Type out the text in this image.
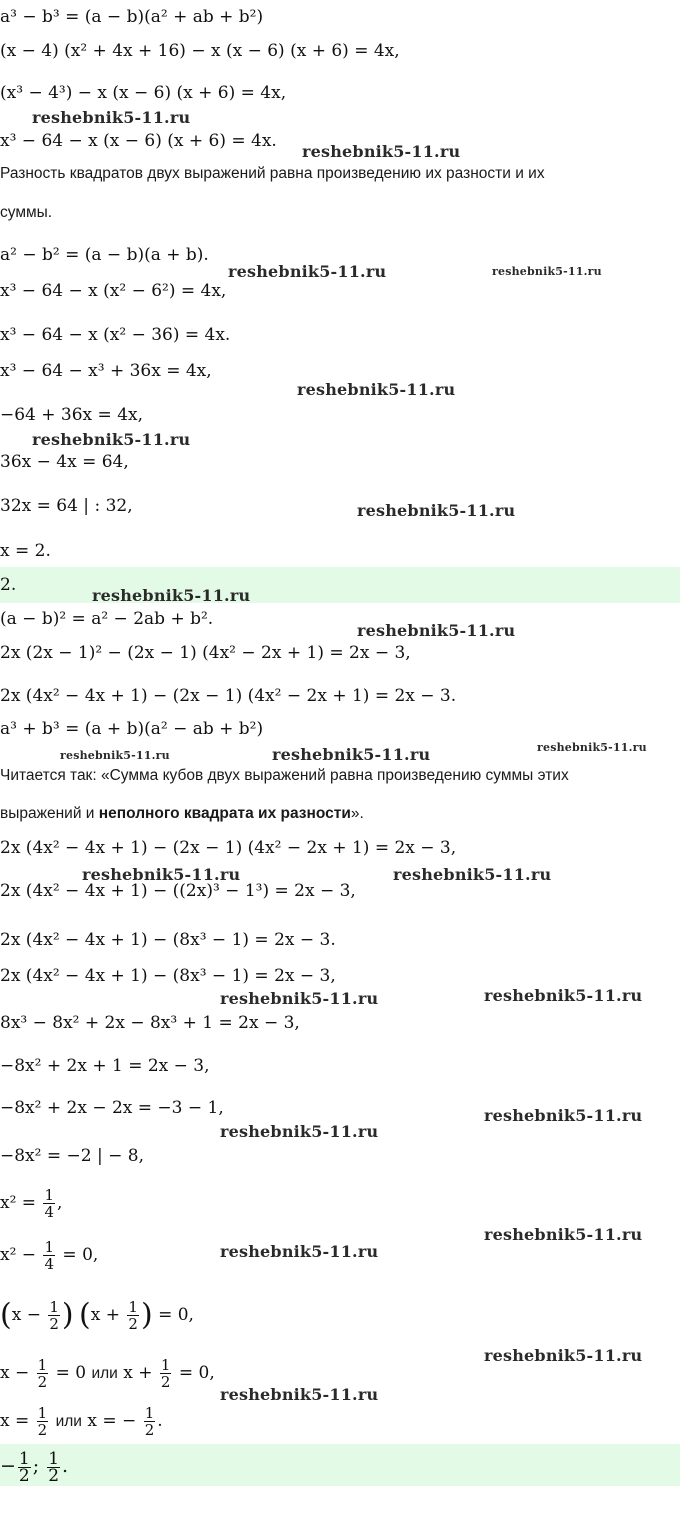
a³ − b³ = (a − b)(a² + ab + b²)
(x − 4) (x² + 4x + 16) − x (x − 6) (x + 6) = 4x,
(x³ − 4³) − x (x − 6) (x + 6) = 4x,
x³ − 64 − x (x − 6) (x + 6) = 4x.
Разность квадратов двух выражений равна произведению их разности и их
суммы.
a² − b² = (a − b)(a + b).
x³ − 64 − x (x² − 6²) = 4x,
x³ − 64 − x (x² − 36) = 4x.
x³ − 64 − x³ + 36x = 4x,
−64 + 36x = 4x,
36x − 4x = 64,
32x = 64 | : 32,
x = 2.
2.
(a − b)² = a² − 2ab + b².
2x (2x − 1)² − (2x − 1) (4x² − 2x + 1) = 2x − 3,
2x (4x² − 4x + 1) − (2x − 1) (4x² − 2x + 1) = 2x − 3.
a³ + b³ = (a + b)(a² − ab + b²)
Читается так: «Сумма кубов двух выражений равна произведению суммы этих
выражений и неполного квадрата их разности».
2x (4x² − 4x + 1) − (2x − 1) (4x² − 2x + 1) = 2x − 3,
2x (4x² − 4x + 1) − ((2x)³ − 1³) = 2x − 3,
2x (4x² − 4x + 1) − (8x³ − 1) = 2x − 3.
2x (4x² − 4x + 1) − (8x³ − 1) = 2x − 3,
8x³ − 8x² + 2x − 8x³ + 1 = 2x − 3,
−8x² + 2x + 1 = 2x − 3,
−8x² + 2x − 2x = −3 − 1,
−8x² = −2 | − 8,
$x^2 = \frac{1}{4}$ ,
$x^2 - \frac{1}{4} = 0$,
($x - \frac{1}{2}$ ) ($x + \frac{1}{2}$ ) = 0,
$x - \frac{1}{2} = 0$ или $x + \frac{1}{2} = 0$,
$x = \frac{1}{2}$ или x = − $\frac{1}{2}$ .
− $\frac{1}{2}$ ; $\frac{1}{2}$ .
reshebnik5-11.ru
reshebnik5-11.ru
reshebnik5-11.ru	reshebnik5-11.ru
reshebnik5-11.ru
reshebnik5-11.ru
reshebnik5-11.ru
reshebnik5-11.ru
reshebnik5-11.ru
reshebnik5-11.ru	reshebnik5-11.ru	reshebnik5-11.ru
reshebnik5-11.ru	reshebnik5-11.ru
reshebnik5-11.ru	reshebnik5-11.ru
reshebnik5-11.ru
reshebnik5-11.ru
reshebnik5-11.ru
reshebnik5-11.ru
reshebnik5-11.ru
reshebnik5-11.ru
